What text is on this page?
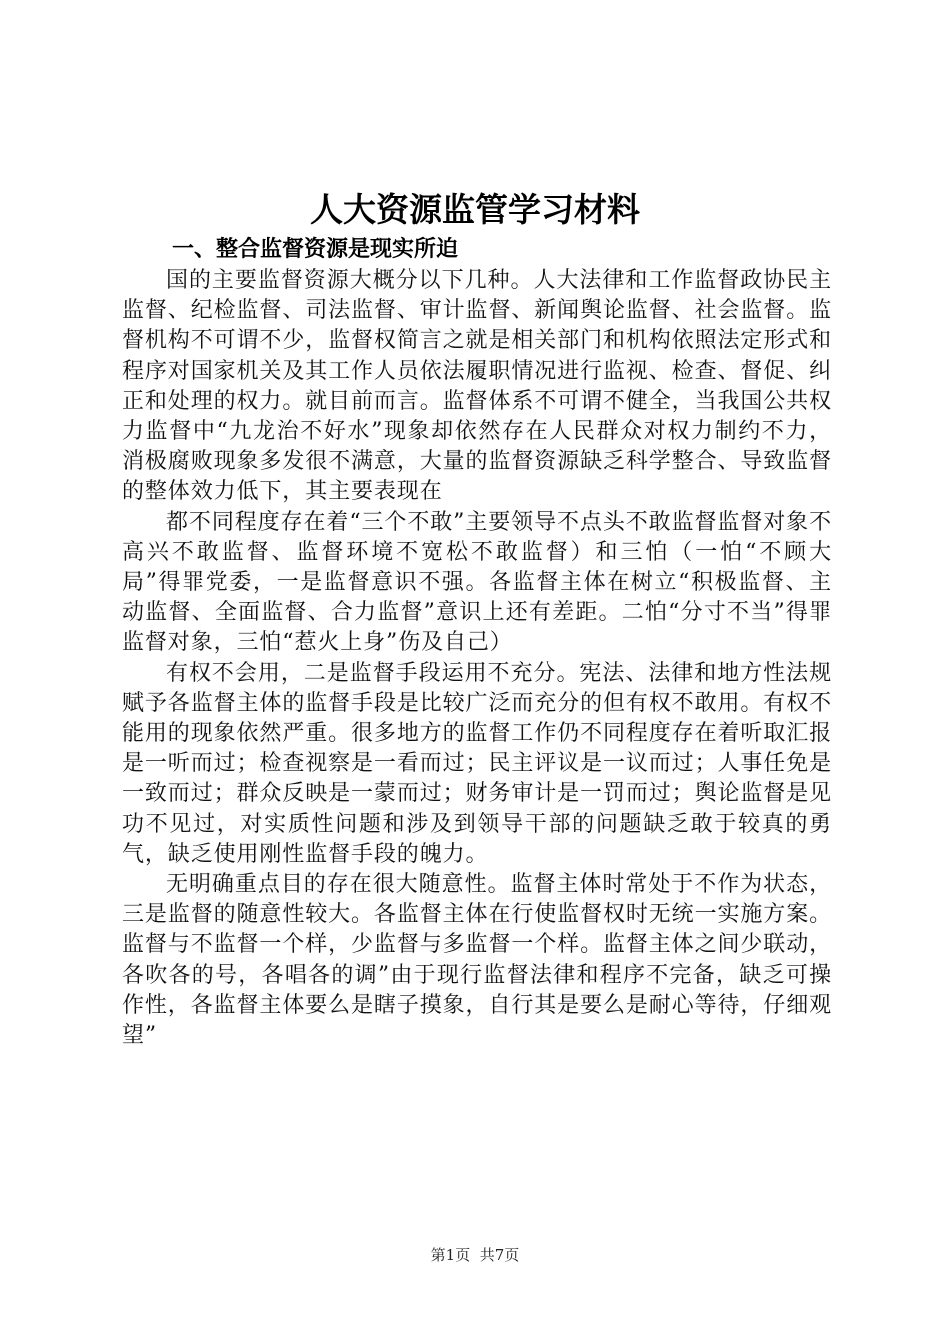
人大资源监管学习材料
一、整合监督资源是现实所迫

国的主要监督资源大概分以下几种。人大法律和工作监督政协民主监督、纪检监督、司法监督、审计监督、新闻舆论监督、社会监督。监督机构不可谓不少，监督权简言之就是相关部门和机构依照法定形式和程序对国家机关及其工作人员依法履职情况进行监视、检查、督促、纠正和处理的权力。就目前而言。监督体系不可谓不健全，当我国公共权力监督中“九龙治不好水”现象却依然存在人民群众对权力制约不力，消极腐败现象多发很不满意，大量的监督资源缺乏科学整合、导致监督的整体效力低下，其主要表现在

都不同程度存在着“三个不敢”主要领导不点头不敢监督监督对象不高兴不敢监督、监督环境不宽松不敢监督）和三怕（一怕“不顾大局”得罪党委，一是监督意识不强。各监督主体在树立“积极监督、主动监督、全面监督、合力监督”意识上还有差距。二怕“分寸不当”得罪监督对象，三怕“惹火上身”伤及自己）

有权不会用，二是监督手段运用不充分。宪法、法律和地方性法规赋予各监督主体的监督手段是比较广泛而充分的但有权不敢用。有权不能用的现象依然严重。很多地方的监督工作仍不同程度存在着听取汇报是一听而过；检查视察是一看而过；民主评议是一议而过；人事任免是一致而过；群众反映是一蒙而过；财务审计是一罚而过；舆论监督是见功不见过，对实质性问题和涉及到领导干部的问题缺乏敢于较真的勇气，缺乏使用刚性监督手段的魄力。

无明确重点目的存在很大随意性。监督主体时常处于不作为状态，三是监督的随意性较大。各监督主体在行使监督权时无统一实施方案。监督与不监督一个样，少监督与多监督一个样。监督主体之间少联动，各吹各的号，各唱各的调”由于现行监督法律和程序不完备，缺乏可操作性，各监督主体要么是瞎子摸象，自行其是要么是耐心等待，仔细观望”

第1页 共7页
